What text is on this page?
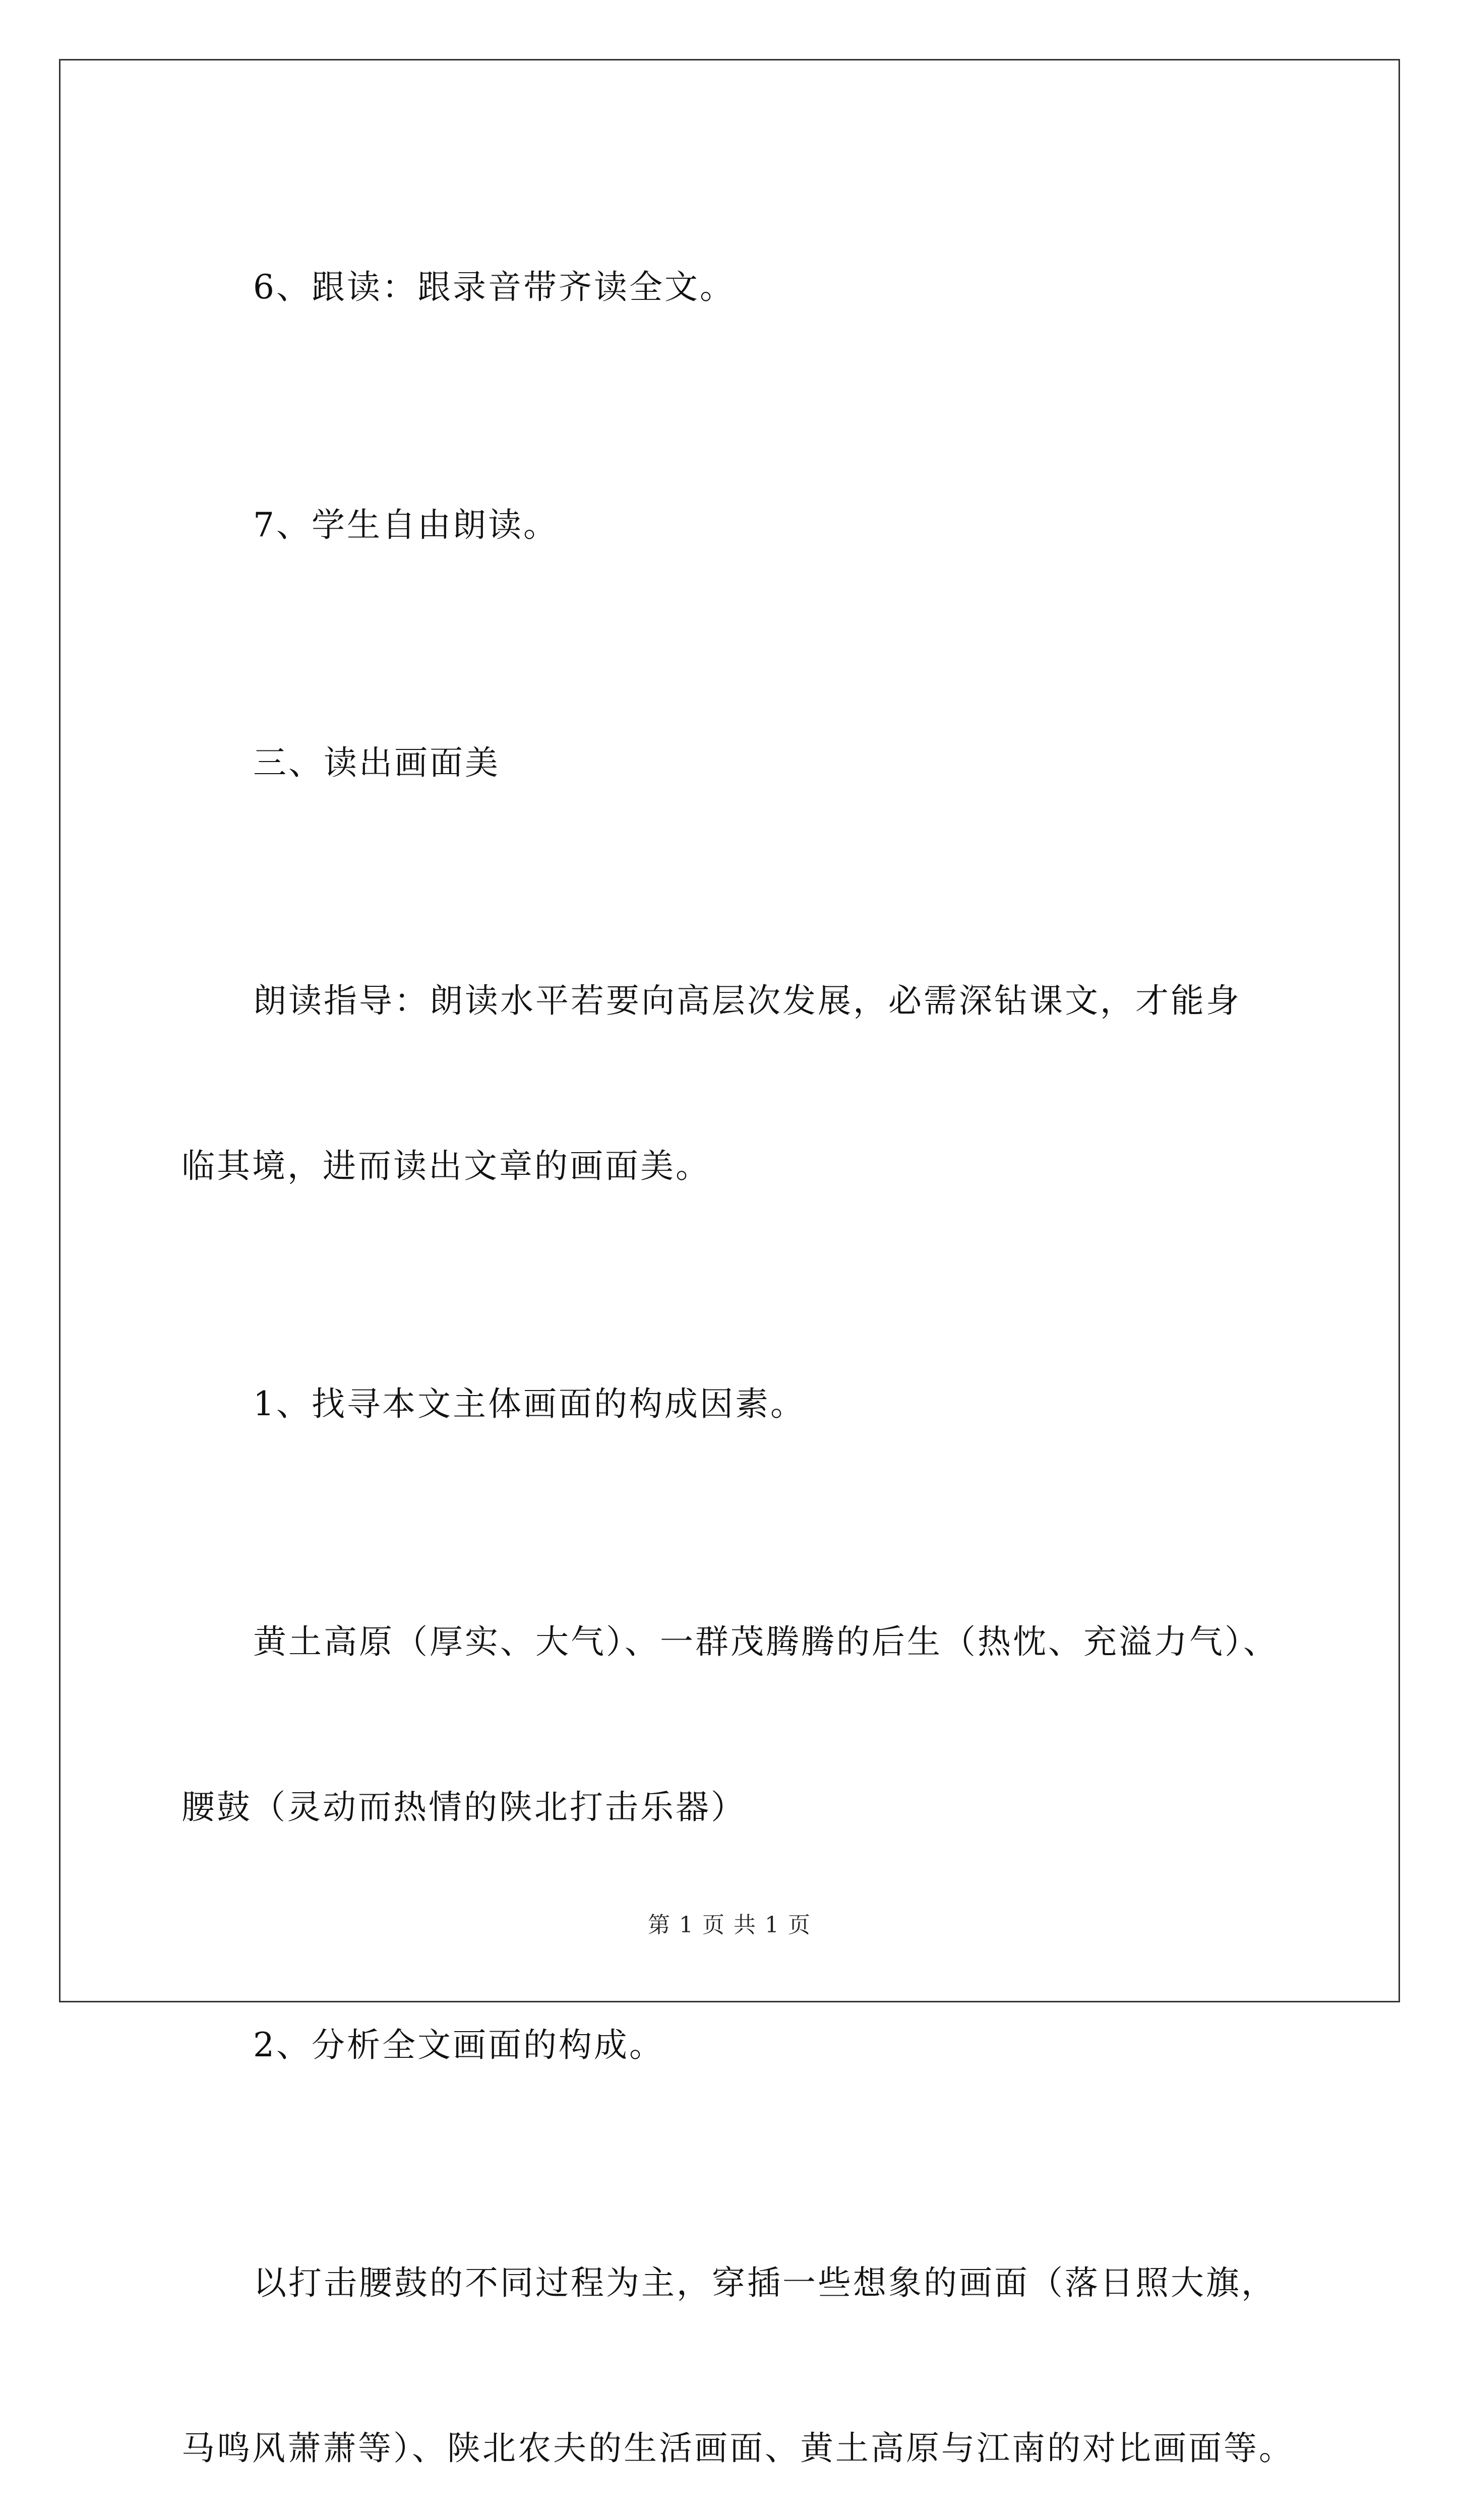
6、跟读：跟录音带齐读全文。

7、学生自由朗读。

三、读出画面美

朗读指导：朗读水平若要向高层次发展，必需深钻课文，才能身

临其境，进而读出文章的画面美。

1、找寻本文主体画面的构成因素。

黄土高原（厚实、大气）、一群茂腾腾的后生（热忱、充溢力气）、

腰鼓（灵动而热情的陕北打击乐器）

2、分析全文画面的构成。

以打击腰鼓的不同过程为主，穿插一些想象的画面（落日照大旗，

马鸣风萧萧等）、陕北农夫的生活画面、黄土高原与江南的对比画面等。

第 1 页 共 1 页
